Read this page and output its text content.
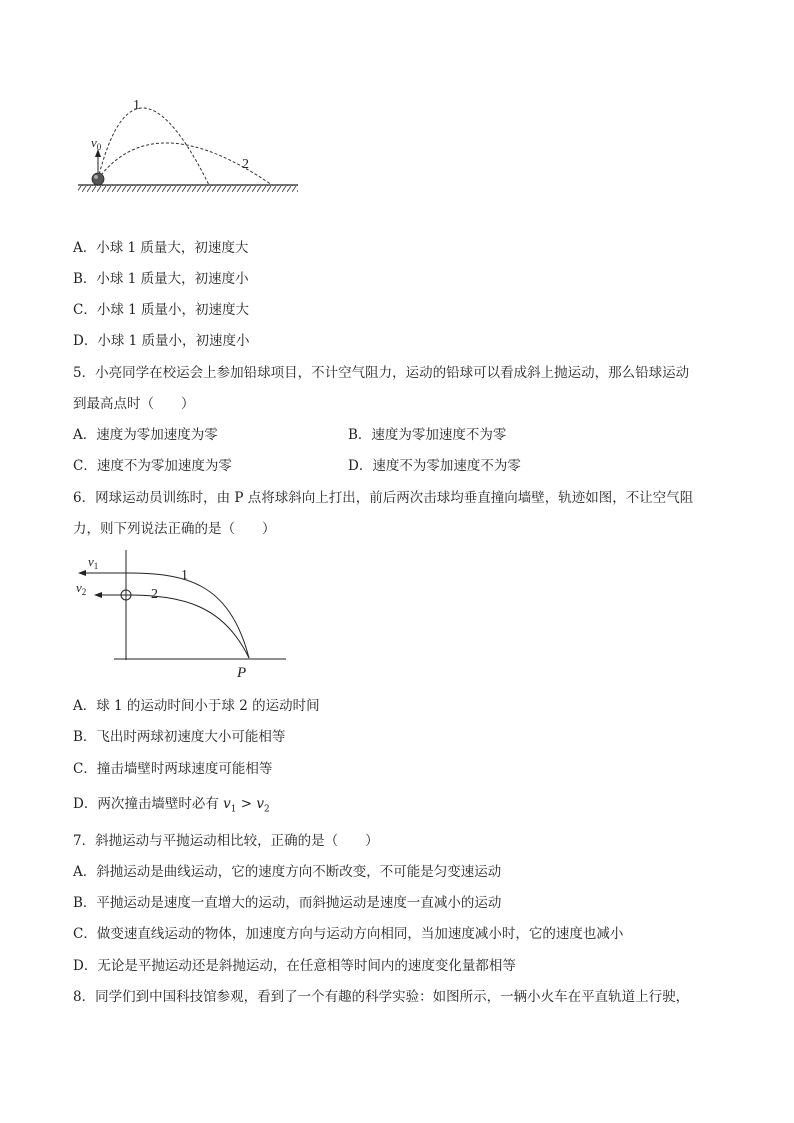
$v_0$
1
2
A．小球 1 质量大，初速度大
B．小球 1 质量大，初速度小
C．小球 1 质量小，初速度大
D．小球 1 质量小，初速度小
5．小亮同学在校运会上参加铅球项目，不计空气阻力，运动的铅球可以看成斜上抛运动，那么铅球运动
到最高点时（　　）
A．速度为零加速度为零	B．速度为零加速度不为零
C．速度不为零加速度为零	D．速度不为零加速度不为零
6．网球运动员训练时，由 P 点将球斜向上打出，前后两次击球均垂直撞向墙壁，轨迹如图，不让空气阻
力，则下列说法正确的是（　　）
$v_1$
$v_2$
1
2
P
A．球 1 的运动时间小于球 2 的运动时间
B．飞出时两球初速度大小可能相等
C．撞击墙壁时两球速度可能相等
D．两次撞击墙壁时必有 $v_1 > v_2$
7．斜抛运动与平抛运动相比较，正确的是（　　）
A．斜抛运动是曲线运动，它的速度方向不断改变，不可能是匀变速运动
B．平抛运动是速度一直增大的运动，而斜抛运动是速度一直减小的运动
C．做变速直线运动的物体，加速度方向与运动方向相同，当加速度减小时，它的速度也减小
D．无论是平抛运动还是斜抛运动，在任意相等时间内的速度变化量都相等
8．同学们到中国科技馆参观，看到了一个有趣的科学实验：如图所示，一辆小火车在平直轨道上行驶，
